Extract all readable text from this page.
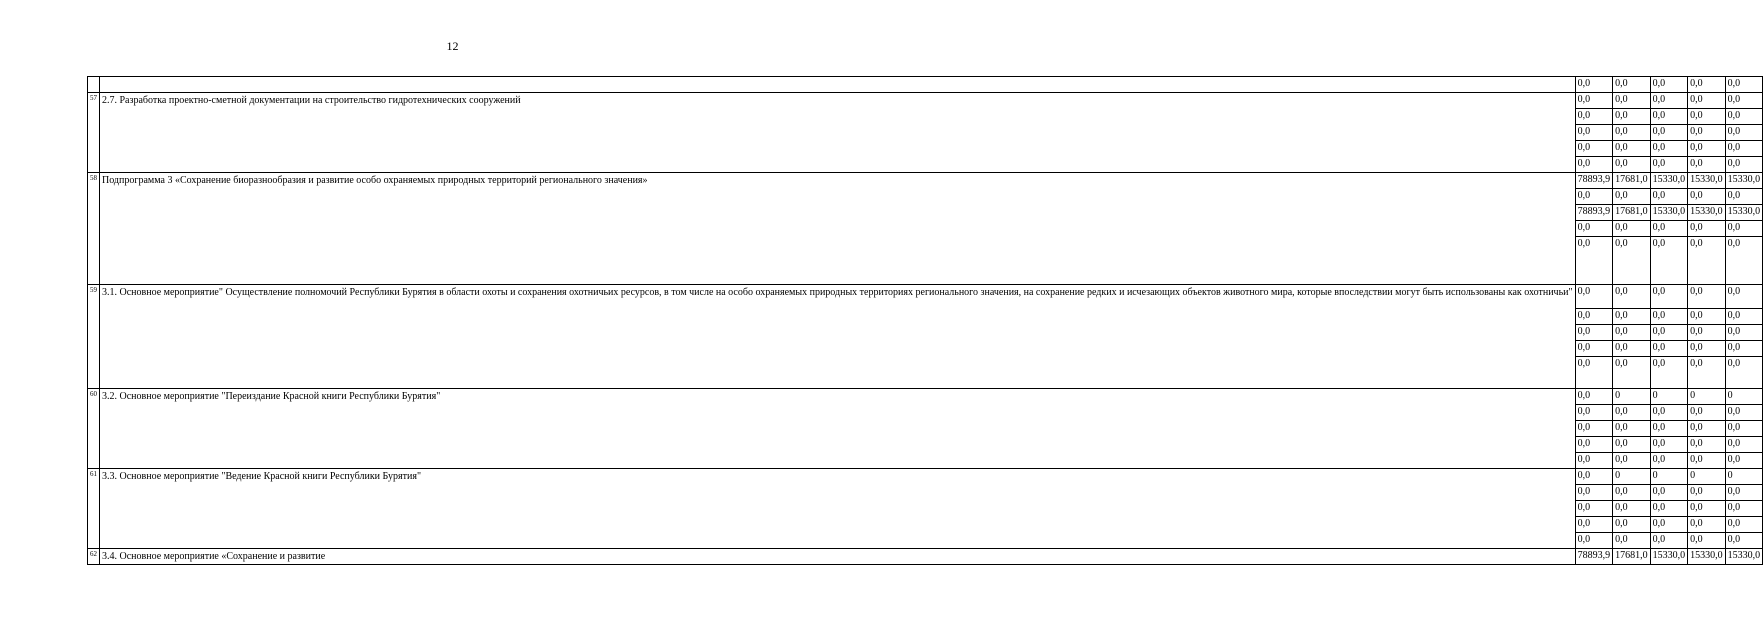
12
		0,0	0,0	0,0	0,0	0,0
57	2.7. Разработка проектно-сметной документации на строительство гидротехнических сооружений	0,0	0,0	0,0	0,0	0,0
		0,0	0,0	0,0	0,0	0,0
		0,0	0,0	0,0	0,0	0,0
		0,0	0,0	0,0	0,0	0,0
		0,0	0,0	0,0	0,0	0,0
58	Подпрограмма 3 «Сохранение биоразнообразия и развитие особо охраняемых природных территорий регионального значения»	78893,9	17681,0	15330,0	15330,0	15330,0
		0,0	0,0	0,0	0,0	0,0
		78893,9	17681,0	15330,0	15330,0	15330,0
		0,0	0,0	0,0	0,0	0,0
		0,0	0,0	0,0	0,0	0,0
59	3.1. Основное мероприятие" Осуществление полномочий Республики Бурятия в области охоты и сохранения охотничьих ресурсов, в том числе на особо охраняемых природных территориях регионального значения, на сохранение редких и исчезающих объектов животного мира, которые впоследствии могут быть использованы как охотничьи"	0,0	0,0	0,0	0,0	0,0
		0,0	0,0	0,0	0,0	0,0
		0,0	0,0	0,0	0,0	0,0
		0,0	0,0	0,0	0,0	0,0
		0,0	0,0	0,0	0,0	0,0
60	3.2. Основное мероприятие "Переиздание Красной книги Республики Бурятия"	0,0	0	0	0	0
		0,0	0,0	0,0	0,0	0,0
		0,0	0,0	0,0	0,0	0,0
		0,0	0,0	0,0	0,0	0,0
		0,0	0,0	0,0	0,0	0,0
61	3.3. Основное мероприятие "Ведение Красной книги Республики Бурятия"	0,0	0	0	0	0
		0,0	0,0	0,0	0,0	0,0
		0,0	0,0	0,0	0,0	0,0
		0,0	0,0	0,0	0,0	0,0
		0,0	0,0	0,0	0,0	0,0
62	3.4. Основное мероприятие «Сохранение и развитие	78893,9	17681,0	15330,0	15330,0	15330,0
